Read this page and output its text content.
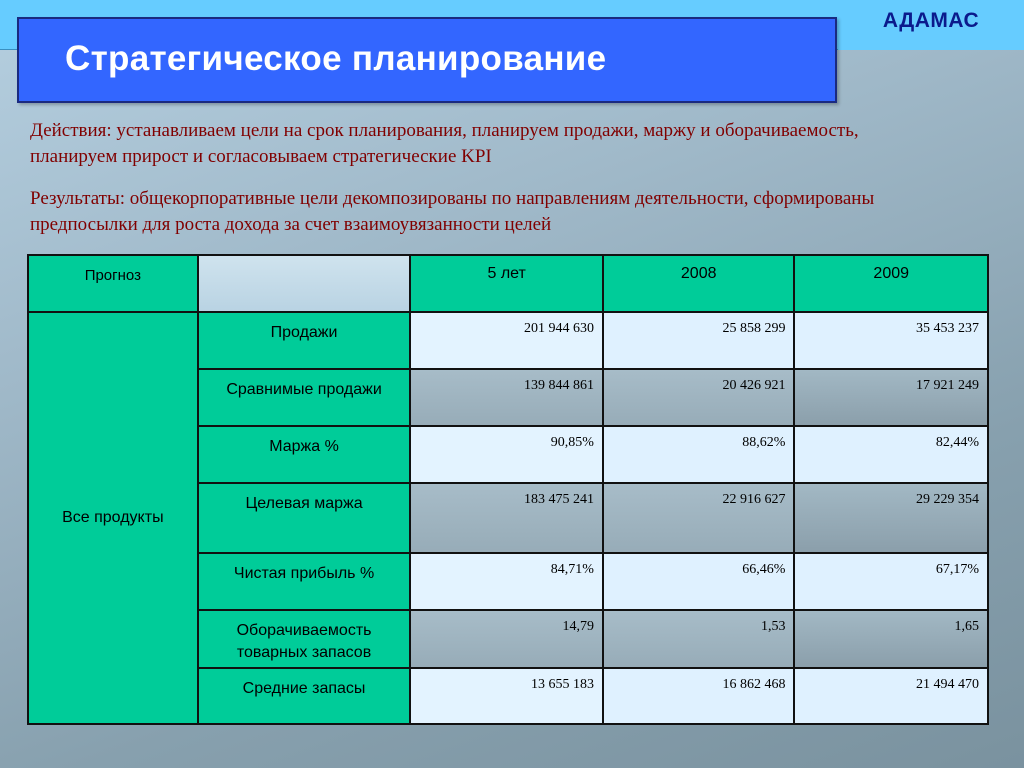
АДАМАС
Стратегическое планирование

Действия: устанавливаем цели на срок планирования, планируем продажи, маржу и оборачиваемость, планируем прирост и согласовываем стратегические KPI

Результаты: общекорпоративные цели декомпозированы по направлениям деятельности, сформированы предпосылки для роста дохода за счет взаимоувязанности целей

Прогноз		5 лет	2008	2009
Все продукты	Продажи	201 944 630	25 858 299	35 453 237
	Сравнимые продажи	139 844 861	20 426 921	17 921 249
	Маржа %	90,85%	88,62%	82,44%
	Целевая маржа	183 475 241	22 916 627	29 229 354
	Чистая прибыль %	84,71%	66,46%	67,17%
	Оборачиваемость товарных запасов	14,79	1,53	1,65
	Средние запасы	13 655 183	16 862 468	21 494 470
